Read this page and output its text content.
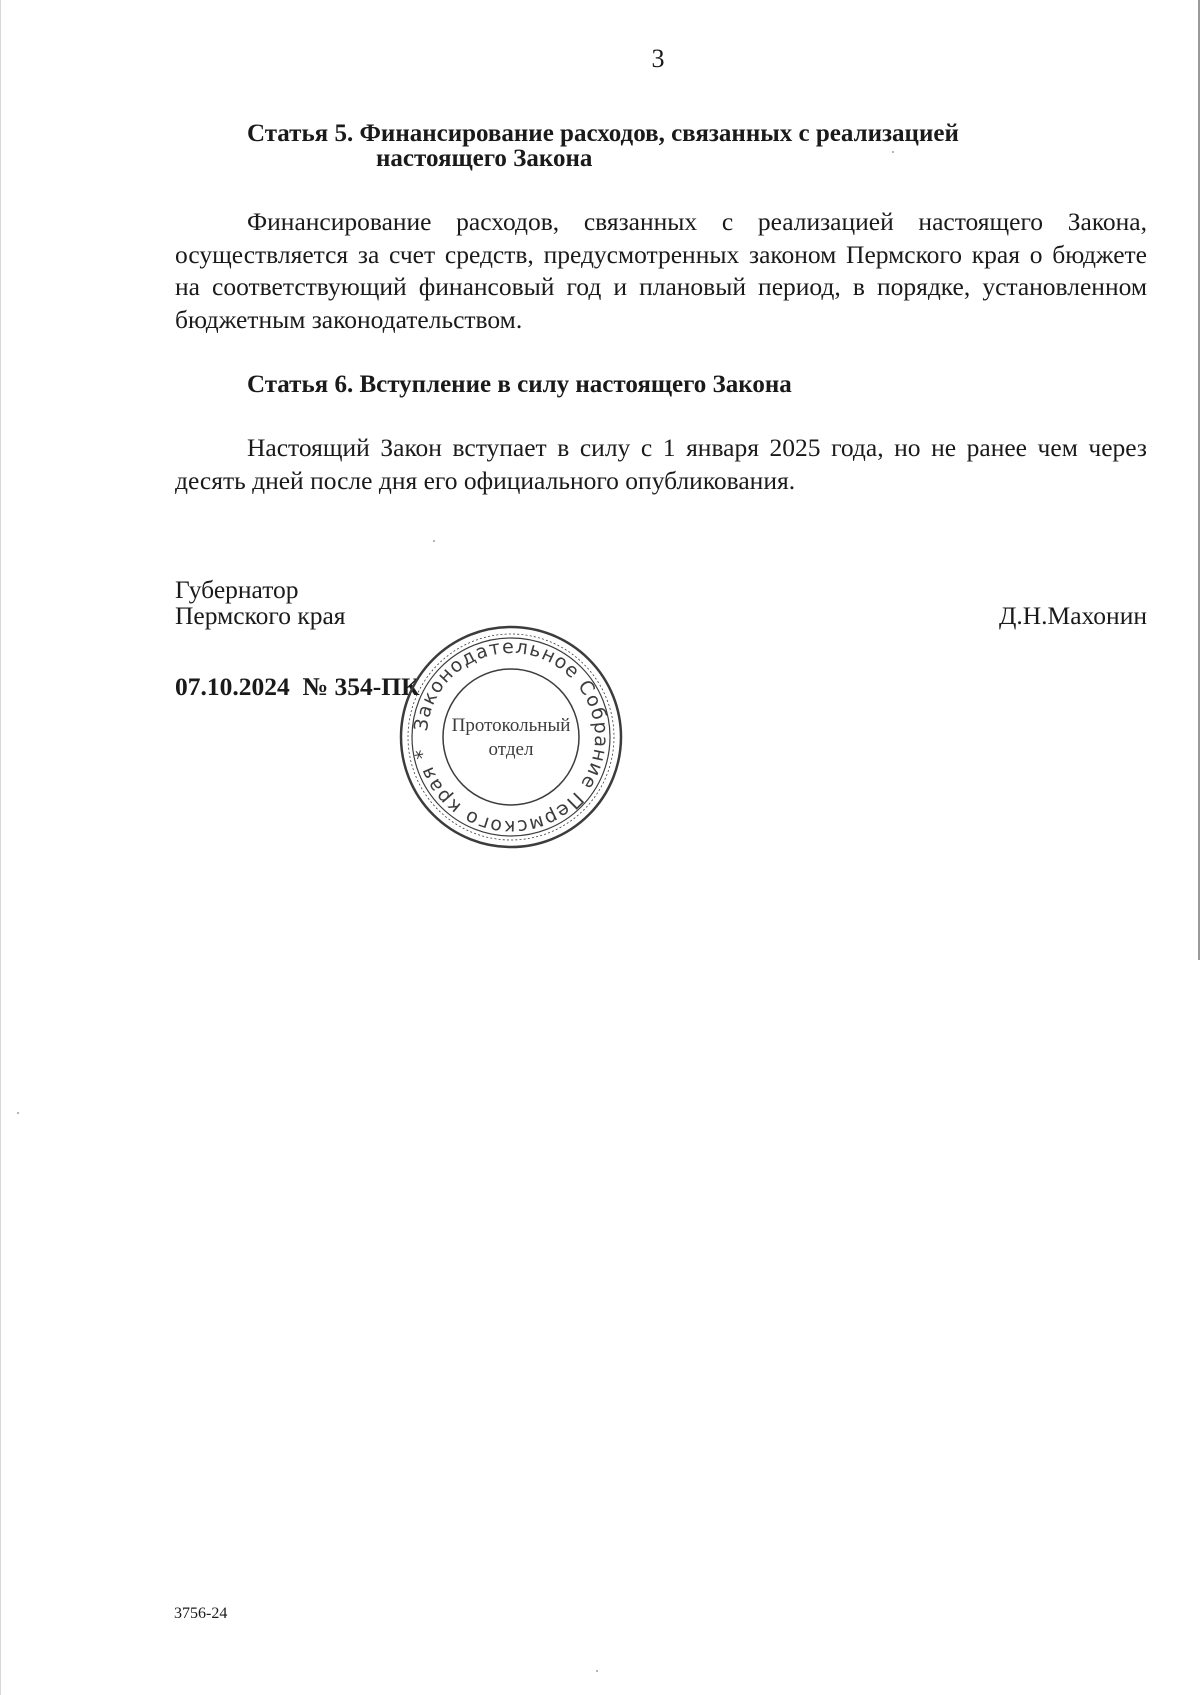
3
Статья 5. Финансирование расходов, связанных с реализацией
настоящего Закона

Финансирование расходов, связанных с реализацией настоящего Закона, осуществляется за счет средств, предусмотренных законом Пермского края о бюджете на соответствующий финансовый год и плановый период, в порядке, установленном бюджетным законодательством.

Статья 6. Вступление в силу настоящего Закона

Настоящий Закон вступает в силу с 1 января 2025 года, но не ранее чем через десять дней после дня его официального опубликования.

Губернатор
Пермского края	Д.Н.Махонин
07.10.2024  № 354-ПК
Законодательное Собрание Пермского края *
Протокольный
отдел
3756-24
